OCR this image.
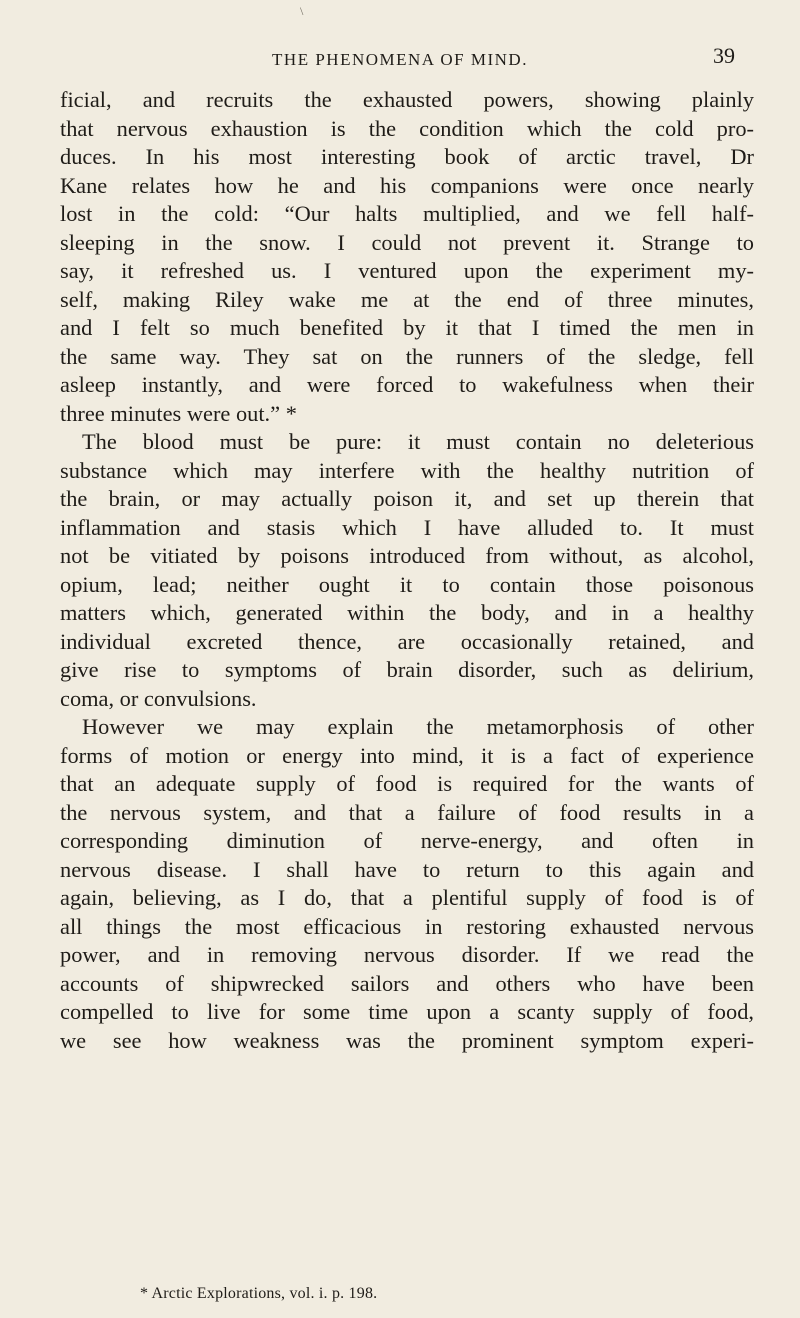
\
THE PHENOMENA OF MIND.	39
ficial, and recruits the exhausted powers, showing plainly
that nervous exhaustion is the condition which the cold pro-
duces. In his most interesting book of arctic travel, Dr
Kane relates how he and his companions were once nearly
lost in the cold: “Our halts multiplied, and we fell half-
sleeping in the snow. I could not prevent it. Strange to
say, it refreshed us. I ventured upon the experiment my-
self, making Riley wake me at the end of three minutes,
and I felt so much benefited by it that I timed the men in
the same way. They sat on the runners of the sledge, fell
asleep instantly, and were forced to wakefulness when their
three minutes were out.” *
The blood must be pure: it must contain no deleterious
substance which may interfere with the healthy nutrition of
the brain, or may actually poison it, and set up therein that
inflammation and stasis which I have alluded to. It must
not be vitiated by poisons introduced from without, as alcohol,
opium, lead; neither ought it to contain those poisonous
matters which, generated within the body, and in a healthy
individual excreted thence, are occasionally retained, and
give rise to symptoms of brain disorder, such as delirium,
coma, or convulsions.
However we may explain the metamorphosis of other
forms of motion or energy into mind, it is a fact of experience
that an adequate supply of food is required for the wants of
the nervous system, and that a failure of food results in a
corresponding diminution of nerve-energy, and often in
nervous disease. I shall have to return to this again and
again, believing, as I do, that a plentiful supply of food is of
all things the most efficacious in restoring exhausted nervous
power, and in removing nervous disorder. If we read the
accounts of shipwrecked sailors and others who have been
compelled to live for some time upon a scanty supply of food,
we see how weakness was the prominent symptom experi-
* Arctic Explorations, vol. i. p. 198.
